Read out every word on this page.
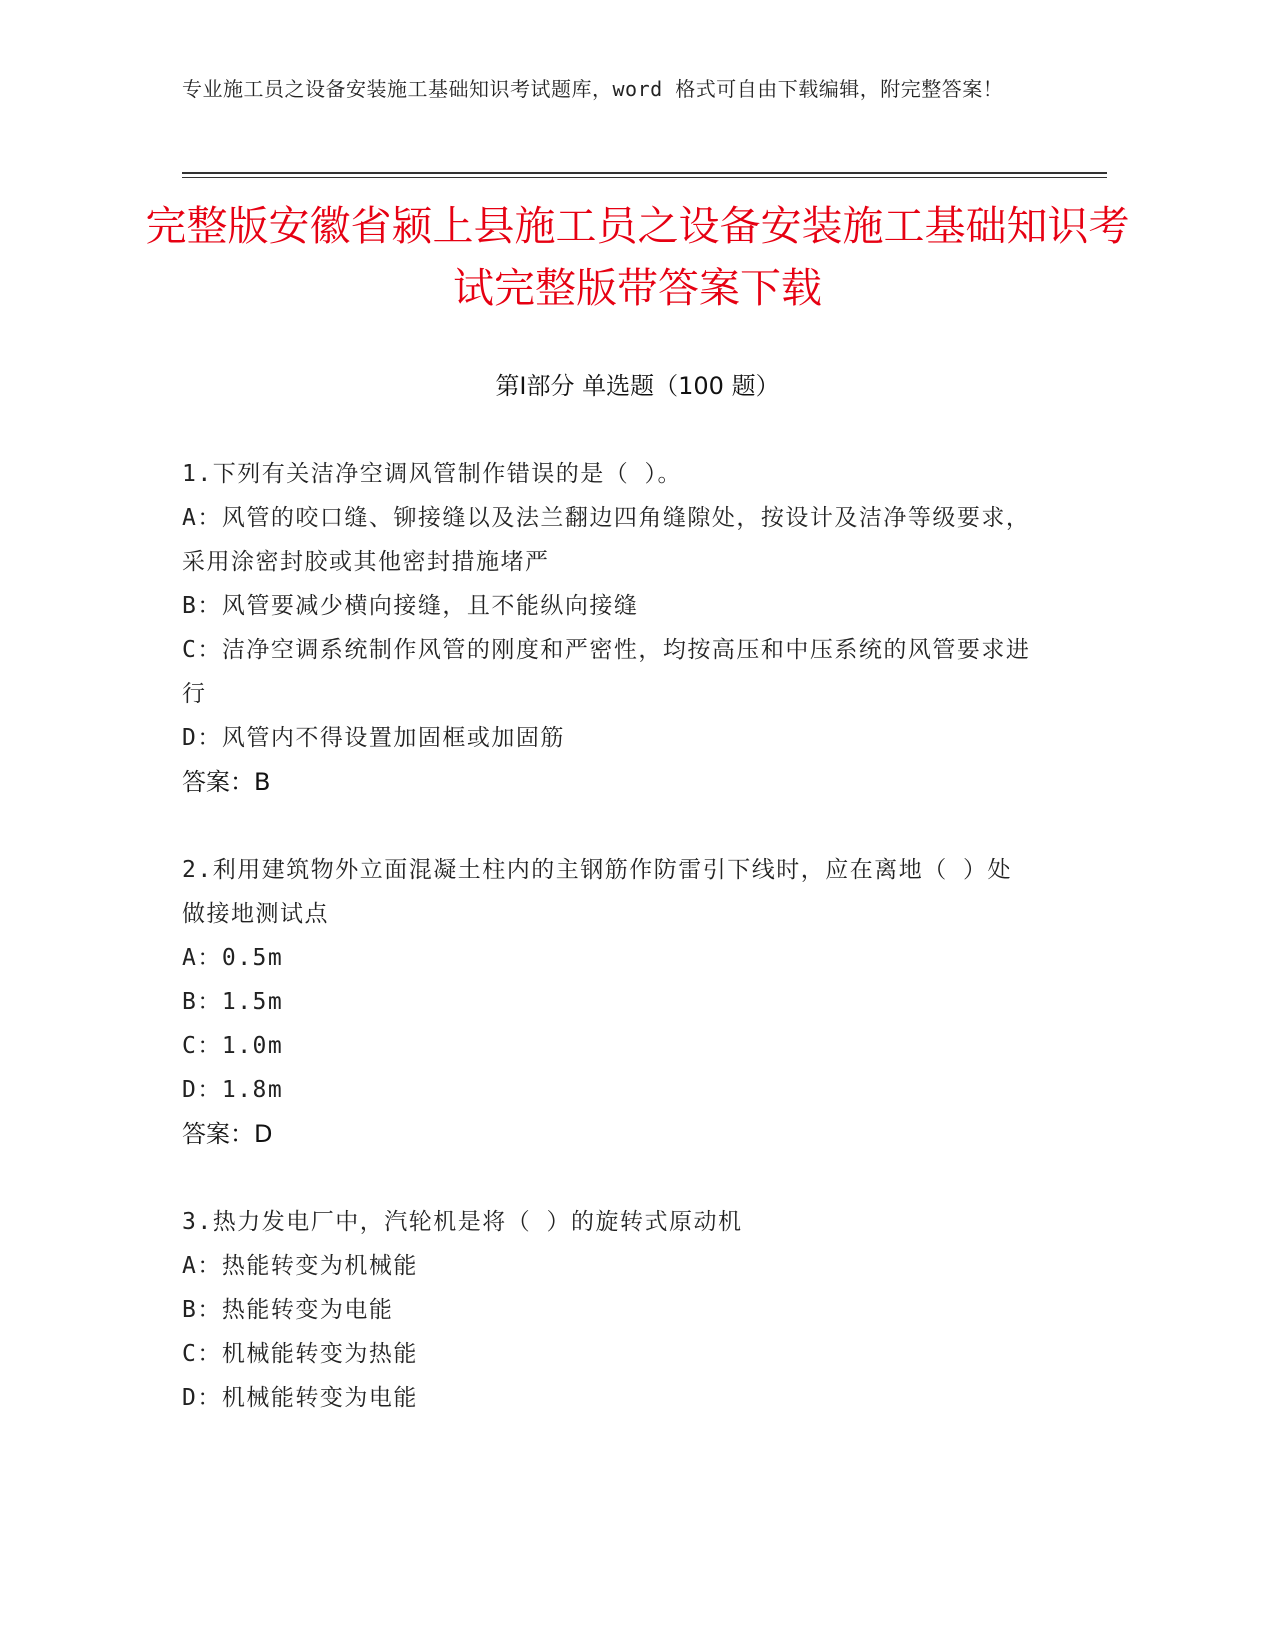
专业施工员之设备安装施工基础知识考试题库，word 格式可自由下载编辑，附完整答案！
完整版安徽省颍上县施工员之设备安装施工基础知识考试完整版带答案下载
第Ⅰ部分 单选题（100 题）
1.下列有关洁净空调风管制作错误的是（ ）。
A：风管的咬口缝、铆接缝以及法兰翻边四角缝隙处，按设计及洁净等级要求，采用涂密封胶或其他密封措施堵严
B：风管要减少横向接缝，且不能纵向接缝
C：洁净空调系统制作风管的刚度和严密性，均按高压和中压系统的风管要求进行
D：风管内不得设置加固框或加固筋
答案：B
2.利用建筑物外立面混凝土柱内的主钢筋作防雷引下线时，应在离地（ ）处做接地测试点
A：0.5m
B：1.5m
C：1.0m
D：1.8m
答案：D
3.热力发电厂中，汽轮机是将（ ）的旋转式原动机
A：热能转变为机械能
B：热能转变为电能
C：机械能转变为热能
D：机械能转变为电能
